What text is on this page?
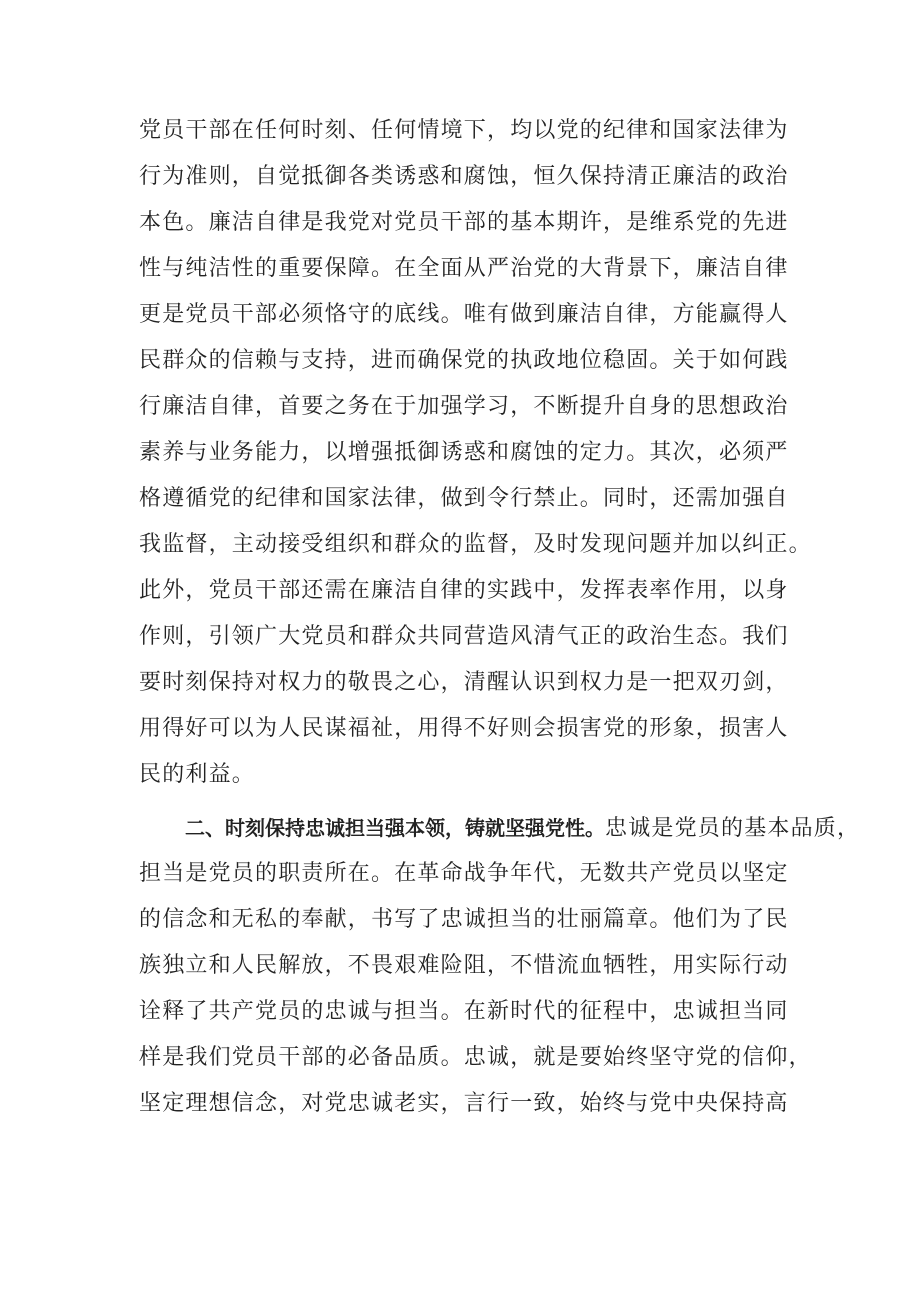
党员干部在任何时刻、任何情境下，均以党的纪律和国家法律为
行为准则，自觉抵御各类诱惑和腐蚀，恒久保持清正廉洁的政治
本色。廉洁自律是我党对党员干部的基本期许，是维系党的先进
性与纯洁性的重要保障。在全面从严治党的大背景下，廉洁自律
更是党员干部必须恪守的底线。唯有做到廉洁自律，方能赢得人
民群众的信赖与支持，进而确保党的执政地位稳固。关于如何践
行廉洁自律，首要之务在于加强学习，不断提升自身的思想政治
素养与业务能力，以增强抵御诱惑和腐蚀的定力。其次，必须严
格遵循党的纪律和国家法律，做到令行禁止。同时，还需加强自
我监督，主动接受组织和群众的监督，及时发现问题并加以纠正。
此外，党员干部还需在廉洁自律的实践中，发挥表率作用，以身
作则，引领广大党员和群众共同营造风清气正的政治生态。我们
要时刻保持对权力的敬畏之心，清醒认识到权力是一把双刃剑，
用得好可以为人民谋福祉，用得不好则会损害党的形象，损害人
民的利益。
二、时刻保持忠诚担当强本领，铸就坚强党性。忠诚是党员的基本品质，
担当是党员的职责所在。在革命战争年代，无数共产党员以坚定
的信念和无私的奉献，书写了忠诚担当的壮丽篇章。他们为了民
族独立和人民解放，不畏艰难险阻，不惜流血牺牲，用实际行动
诠释了共产党员的忠诚与担当。在新时代的征程中，忠诚担当同
样是我们党员干部的必备品质。忠诚，就是要始终坚守党的信仰，
坚定理想信念，对党忠诚老实，言行一致，始终与党中央保持高
